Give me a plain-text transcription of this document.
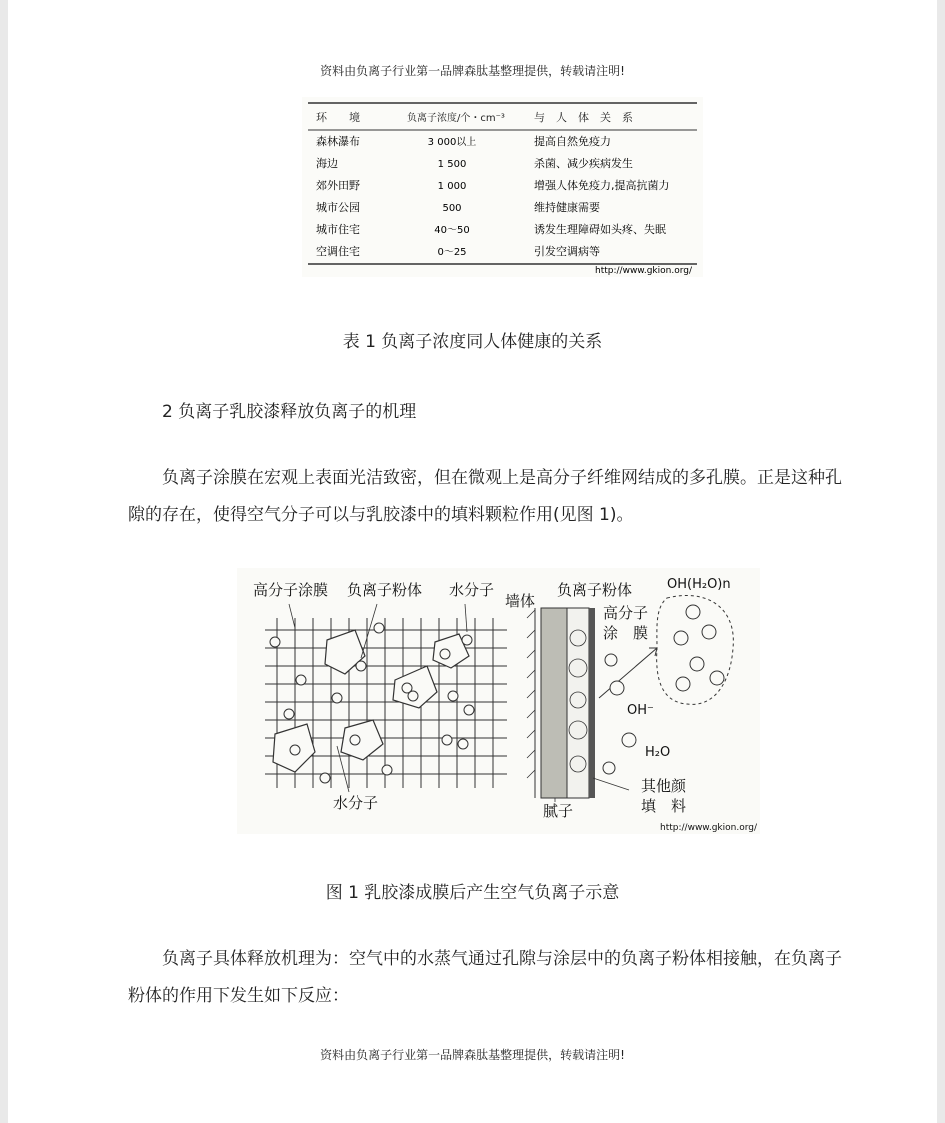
资料由负离子行业第一品牌森肽基整理提供，转载请注明!
环　　境	负离子浓度/个・cm⁻³	与　人　体　关　系
森林瀑布	3 000以上	提高自然免疫力
海边	1 500	杀菌、减少疾病发生
郊外田野	1 000	增强人体免疫力,提高抗菌力
城市公园	500	维持健康需要
城市住宅	40～50	诱发生理障碍如头疼、失眠
空调住宅	0～25	引发空调病等
http://www.gkion.org/
表 1 负离子浓度同人体健康的关系
2 负离子乳胶漆释放负离子的机理
负离子涂膜在宏观上表面光洁致密，但在微观上是高分子纤维网结成的多孔膜。正是这种孔隙的存在，使得空气分子可以与乳胶漆中的填料颗粒作用(见图 1)。
高分子涂膜 负离子粉体 水分子
水分子
墙体
负离子粉体
高分子
涂　膜
OH(H₂O)n
OH⁻
H₂O
其他颜
填　料
腻子
http://www.gkion.org/
图 1 乳胶漆成膜后产生空气负离子示意
负离子具体释放机理为：空气中的水蒸气通过孔隙与涂层中的负离子粉体相接触，在负离子粉体的作用下发生如下反应：
资料由负离子行业第一品牌森肽基整理提供，转载请注明!
